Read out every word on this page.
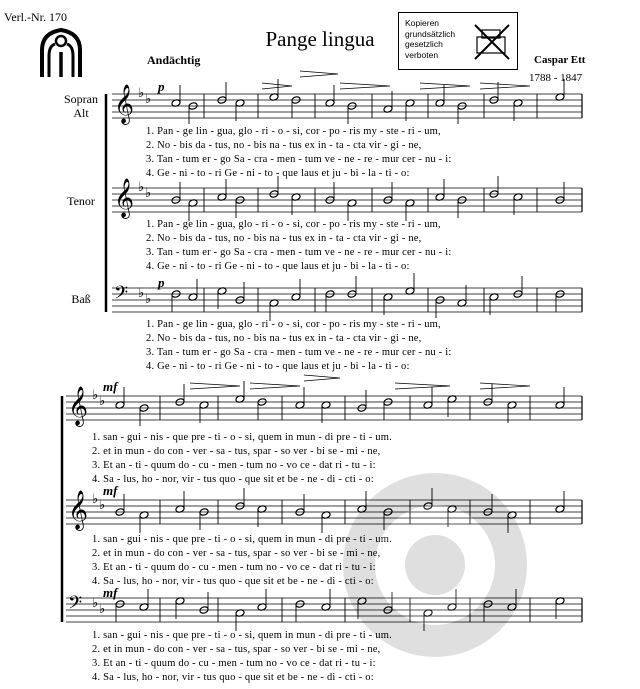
Verl.-Nr. 170
Pange lingua
Andächtig	Caspar Ett
1788 - 1847
Kopieren
grundsätzlich
gesetzlich
verboten
Sopran
Alt
Tenor
Baß
p
p
mf
mf
mf
1. Pan - ge lin - gua, glo - ri - o - si, cor - po - ris my - ste - ri - um,
2. No - bis da - tus, no - bis na - tus ex in - ta - cta vir - gi - ne,
3. Tan - tum er - go Sa - cra - men - tum ve - ne - re - mur cer - nu - i:
4. Ge - ni - to - ri Ge - ni - to - que laus et ju - bi - la - ti - o:
1. Pan - ge lin - gua, glo - ri - o - si, cor - po - ris my - ste - ri - um,
2. No - bis da - tus, no - bis na - tus ex in - ta - cta vir - gi - ne,
3. Tan - tum er - go Sa - cra - men - tum ve - ne - re - mur cer - nu - i:
4. Ge - ni - to - ri Ge - ni - to - que laus et ju - bi - la - ti - o:
1. Pan - ge lin - gua, glo - ri - o - si, cor - po - ris my - ste - ri - um,
2. No - bis da - tus, no - bis na - tus ex in - ta - cta vir - gi - ne,
3. Tan - tum er - go Sa - cra - men - tum ve - ne - re - mur cer - nu - i:
4. Ge - ni - to - ri Ge - ni - to - que laus et ju - bi - la - ti - o:
1. san - gui - nis - que pre - ti - o - si, quem in mun - di pre - ti - um.
2. et in mun - do con - ver - sa - tus, spar - so ver - bi se - mi - ne,
3. Et an - ti - quum do - cu - men - tum no - vo ce - dat ri - tu - i:
4. Sa - lus, ho - nor, vir - tus quo - que sit et be - ne - di - cti - o:
1. san - gui - nis - que pre - ti - o - si, quem in mun - di pre - ti - um.
2. et in mun - do con - ver - sa - tus, spar - so ver - bi se - mi - ne,
3. Et an - ti - quum do - cu - men - tum no - vo ce - dat ri - tu - i:
4. Sa - lus, ho - nor, vir - tus quo - que sit et be - ne - di - cti - o:
1. san - gui - nis - que pre - ti - o - si, quem in mun - di pre - ti - um.
2. et in mun - do con - ver - sa - tus, spar - so ver - bi se - mi - ne,
3. Et an - ti - quum do - cu - men - tum no - vo ce - dat ri - tu - i:
4. Sa - lus, ho - nor, vir - tus quo - que sit et be - ne - di - cti - o:
𝄞 ♭ ♭
𝄞 ♭ ♭
𝄢 ♭ ♭
𝄞 ♭ ♭
𝄞 ♭ ♭
𝄢 ♭ ♭
